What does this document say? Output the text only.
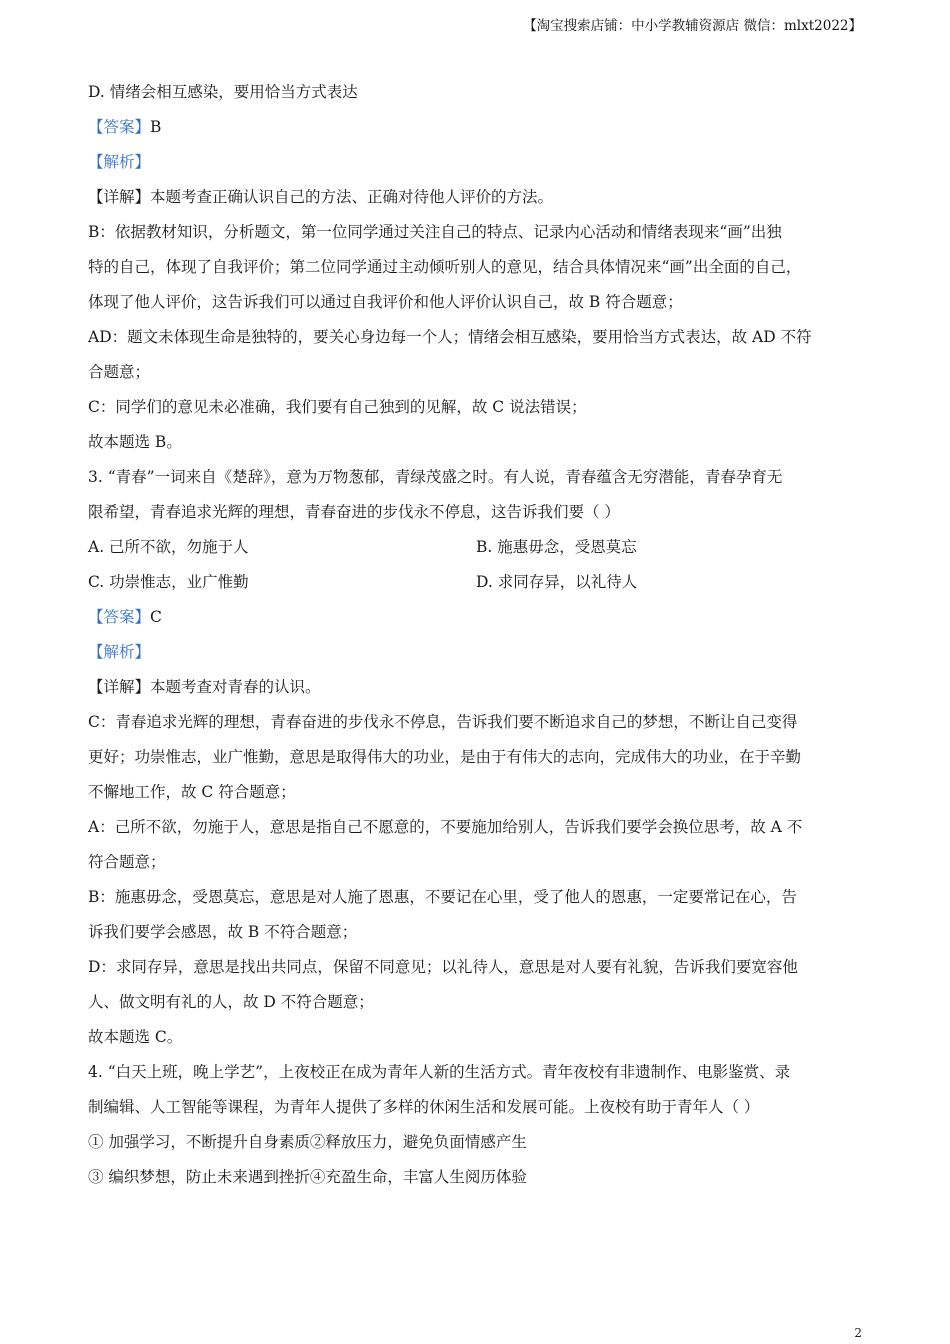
【淘宝搜索店铺：中小学教辅资源店 微信：mlxt2022】
D. 情绪会相互感染，要用恰当方式表达
【答案】B
【解析】
【详解】本题考查正确认识自己的方法、正确对待他人评价的方法。
B：依据教材知识，分析题文，第一位同学通过关注自己的特点、记录内心活动和情绪表现来“画”出独
特的自己，体现了自我评价；第二位同学通过主动倾听别人的意见，结合具体情况来“画”出全面的自己，
体现了他人评价，这告诉我们可以通过自我评价和他人评价认识自己，故 B 符合题意；
AD：题文未体现生命是独特的，要关心身边每一个人；情绪会相互感染，要用恰当方式表达，故 AD 不符
合题意；
C：同学们的意见未必准确，我们要有自己独到的见解，故 C 说法错误；
故本题选 B。
3. “青春”一词来自《楚辞》，意为万物葱郁，青绿茂盛之时。有人说，青春蕴含无穷潜能，青春孕育无
限希望，青春追求光辉的理想，青春奋进的步伐永不停息，这告诉我们要（ ）
A. 己所不欲，勿施于人	B. 施惠毋念，受恩莫忘
C. 功崇惟志，业广惟勤	D. 求同存异，以礼待人
【答案】C
【解析】
【详解】本题考查对青春的认识。
C：青春追求光辉的理想，青春奋进的步伐永不停息，告诉我们要不断追求自己的梦想，不断让自己变得
更好；功崇惟志，业广惟勤，意思是取得伟大的功业，是由于有伟大的志向，完成伟大的功业，在于辛勤
不懈地工作，故 C 符合题意；
A：己所不欲，勿施于人，意思是指自己不愿意的，不要施加给别人，告诉我们要学会换位思考，故 A 不
符合题意；
B：施惠毋念，受恩莫忘，意思是对人施了恩惠，不要记在心里，受了他人的恩惠，一定要常记在心，告
诉我们要学会感恩，故 B 不符合题意；
D：求同存异，意思是找出共同点，保留不同意见；以礼待人，意思是对人要有礼貌，告诉我们要宽容他
人、做文明有礼的人，故 D 不符合题意；
故本题选 C。
4. “白天上班，晚上学艺”，上夜校正在成为青年人新的生活方式。青年夜校有非遗制作、电影鉴赏、录
制编辑、人工智能等课程，为青年人提供了多样的休闲生活和发展可能。上夜校有助于青年人（ ）
① 加强学习，不断提升自身素质②释放压力，避免负面情感产生
③ 编织梦想，防止未来遇到挫折④充盈生命，丰富人生阅历体验
2
